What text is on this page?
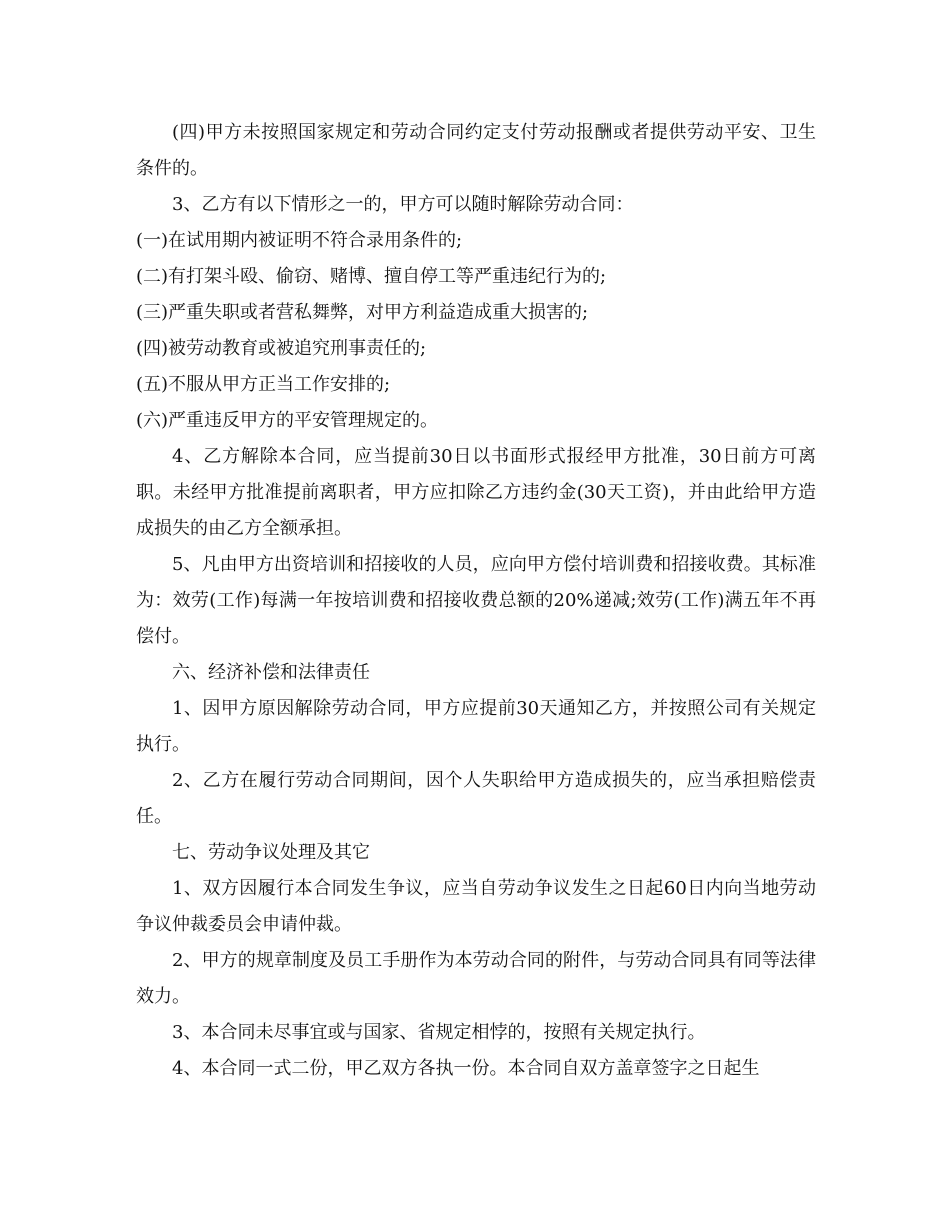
(四)甲方未按照国家规定和劳动合同约定支付劳动报酬或者提供劳动平安、卫生条件的。

3、乙方有以下情形之一的，甲方可以随时解除劳动合同：

(一)在试用期内被证明不符合录用条件的;

(二)有打架斗殴、偷窃、赌博、擅自停工等严重违纪行为的;

(三)严重失职或者营私舞弊，对甲方利益造成重大损害的;

(四)被劳动教育或被追究刑事责任的;

(五)不服从甲方正当工作安排的;

(六)严重违反甲方的平安管理规定的。

4、乙方解除本合同，应当提前30日以书面形式报经甲方批准，30日前方可离职。未经甲方批准提前离职者，甲方应扣除乙方违约金(30天工资)，并由此给甲方造成损失的由乙方全额承担。

5、凡由甲方出资培训和招接收的人员，应向甲方偿付培训费和招接收费。其标准为：效劳(工作)每满一年按培训费和招接收费总额的20%递减;效劳(工作)满五年不再偿付。

六、经济补偿和法律责任

1、因甲方原因解除劳动合同，甲方应提前30天通知乙方，并按照公司有关规定执行。

2、乙方在履行劳动合同期间，因个人失职给甲方造成损失的，应当承担赔偿责任。

七、劳动争议处理及其它

1、双方因履行本合同发生争议，应当自劳动争议发生之日起60日内向当地劳动争议仲裁委员会申请仲裁。

2、甲方的规章制度及员工手册作为本劳动合同的附件，与劳动合同具有同等法律效力。

3、本合同未尽事宜或与国家、省规定相悖的，按照有关规定执行。

4、本合同一式二份，甲乙双方各执一份。本合同自双方盖章签字之日起生
